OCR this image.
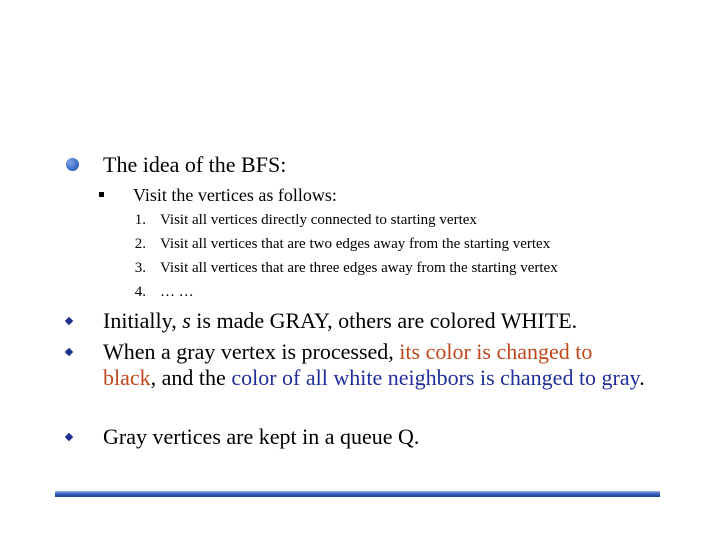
The idea of the BFS:
Visit the vertices as follows:
1. Visit all vertices directly connected to starting vertex
2. Visit all vertices that are two edges away from the starting vertex
3. Visit all vertices that are three edges away from the starting vertex
4. … …
Initially, s is made GRAY, others are colored WHITE.
When a gray vertex is processed, its color is changed to black, and the color of all white neighbors is changed to gray.
Gray vertices are kept in a queue Q.
